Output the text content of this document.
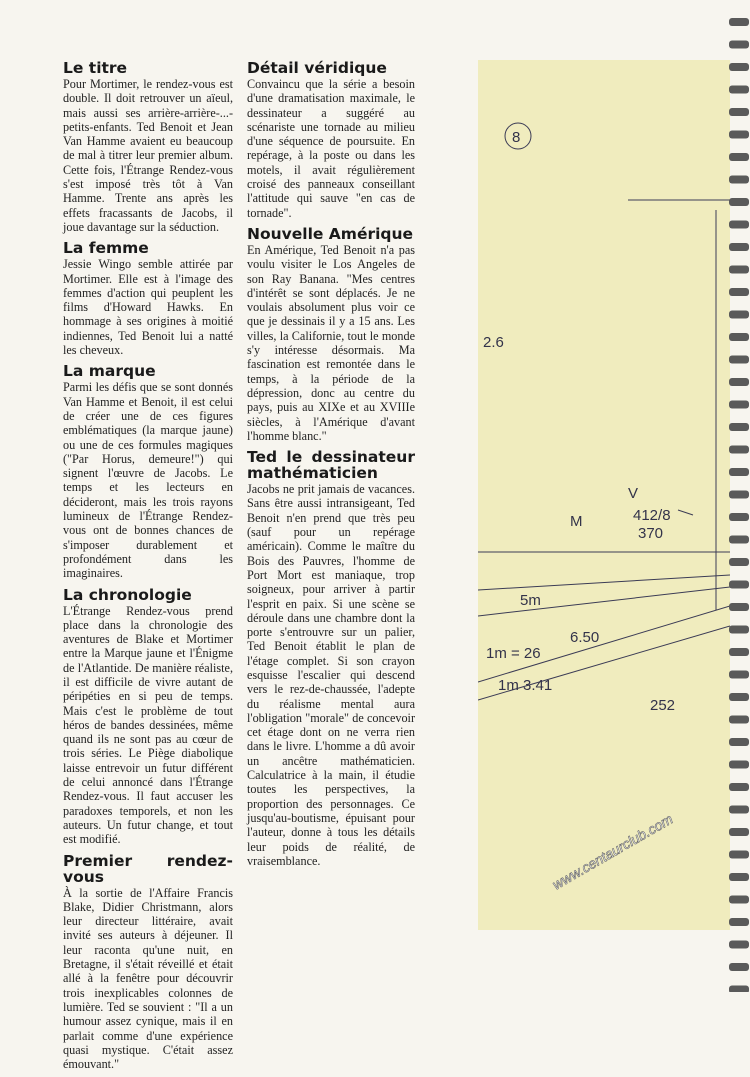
Le titre

Pour Mortimer, le rendez-vous est double. Il doit retrouver un aïeul, mais aussi ses arrière-arrière-...-petits-enfants. Ted Benoit et Jean Van Hamme avaient eu beaucoup de mal à titrer leur premier album. Cette fois, l'Étrange Rendez-vous s'est imposé très tôt à Van Hamme. Trente ans après les effets fracassants de Jacobs, il joue davantage sur la séduction.

La femme

Jessie Wingo semble attirée par Mortimer. Elle est à l'image des femmes d'action qui peuplent les films d'Howard Hawks. En hommage à ses origines à moitié indiennes, Ted Benoit lui a natté les cheveux.

La marque

Parmi les défis que se sont donnés Van Hamme et Benoit, il est celui de créer une de ces figures emblématiques (la marque jaune) ou une de ces formules magiques ("Par Horus, demeure!") qui signent l'œuvre de Jacobs. Le temps et les lecteurs en décideront, mais les trois rayons lumineux de l'Étrange Rendez-vous ont de bonnes chances de s'imposer durablement et profondément dans les imaginaires.

La chronologie

L'Étrange Rendez-vous prend place dans la chronologie des aventures de Blake et Mortimer entre la Marque jaune et l'Énigme de l'Atlantide. De manière réaliste, il est difficile de vivre autant de péripéties en si peu de temps. Mais c'est le problème de tout héros de bandes dessinées, même quand ils ne sont pas au cœur de trois séries. Le Piège diabolique laisse entrevoir un futur différent de celui annoncé dans l'Étrange Rendez-vous. Il faut accuser les paradoxes temporels, et non les auteurs. Un futur change, et tout est modifié.

Premier rendez-vous

À la sortie de l'Affaire Francis Blake, Didier Christmann, alors leur directeur littéraire, avait invité ses auteurs à déjeuner. Il leur raconta qu'une nuit, en Bretagne, il s'était réveillé et était allé à la fenêtre pour découvrir trois inexplicables colonnes de lumière. Ted se souvient : "Il a un humour assez cynique, mais il en parlait comme d'une expérience quasi mystique. C'était assez émouvant."

Détail véridique

Convaincu que la série a besoin d'une dramatisation maximale, le dessinateur a suggéré au scénariste une tornade au milieu d'une séquence de poursuite. En repérage, à la poste ou dans les motels, il avait régulièrement croisé des panneaux conseillant l'attitude qui sauve "en cas de tornade".

Nouvelle Amérique

En Amérique, Ted Benoit n'a pas voulu visiter le Los Angeles de son Ray Banana. "Mes centres d'intérêt se sont déplacés. Je ne voulais absolument plus voir ce que je dessinais il y a 15 ans. Les villes, la Californie, tout le monde s'y intéresse désormais. Ma fascination est remontée dans le temps, à la période de la dépression, donc au centre du pays, puis au XIXe et au XVIIIe siècles, à l'Amérique d'avant l'homme blanc."

Ted le dessinateur mathématicien

Jacobs ne prit jamais de vacances. Sans être aussi intransigeant, Ted Benoit n'en prend que très peu (sauf pour un repérage américain). Comme le maître du Bois des Pauvres, l'homme de Port Mort est maniaque, trop soigneux, pour arriver à partir l'esprit en paix. Si une scène se déroule dans une chambre dont la porte s'entrouvre sur un palier, Ted Benoit établit le plan de l'étage complet. Si son crayon esquisse l'escalier qui descend vers le rez-de-chaussée, l'adepte du réalisme mental aura l'obligation "morale" de concevoir cet étage dont on ne verra rien dans le livre. L'homme a dû avoir un ancêtre mathématicien. Calculatrice à la main, il étudie toutes les perspectives, la proportion des personnages. Ce jusqu'au-boutisme, épuisant pour l'auteur, donne à tous les détails leur poids de réalité, de vraisemblance.

8
2.6
V
412/8
370
M
5m
6.50
1m = 26
1m 3.41
252
www.centaurclub.com
